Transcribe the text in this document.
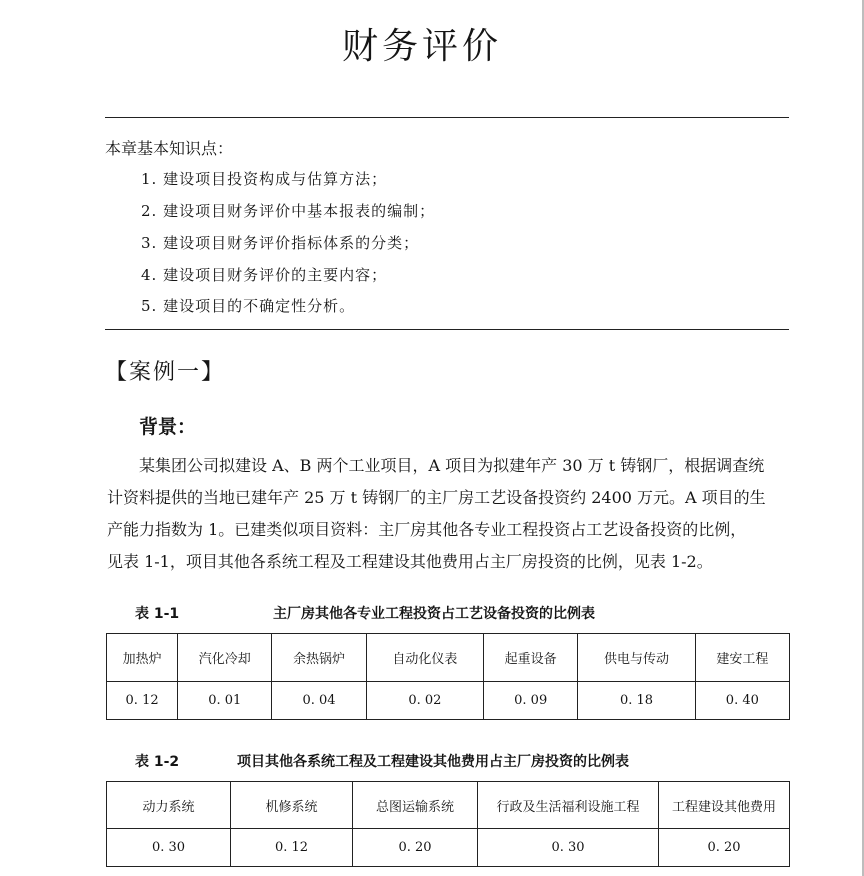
财务评价
本章基本知识点：
1. 建设项目投资构成与估算方法；
2. 建设项目财务评价中基本报表的编制；
3. 建设项目财务评价指标体系的分类；
4. 建设项目财务评价的主要内容；
5. 建设项目的不确定性分析。
【案例一】
背景：
　　某集团公司拟建设 A、B 两个工业项目，A 项目为拟建年产 30 万 t 铸钢厂，根据调查统
计资料提供的当地已建年产 25 万 t 铸钢厂的主厂房工艺设备投资约 2400 万元。A 项目的生
产能力指数为 1。已建类似项目资料：主厂房其他各专业工程投资占工艺设备投资的比例，
见表 1-1，项目其他各系统工程及工程建设其他费用占主厂房投资的比例，见表 1-2。
表 1-1	主厂房其他各专业工程投资占工艺设备投资的比例表
加热炉	汽化冷却	余热锅炉	自动化仪表	起重设备	供电与传动	建安工程
0. 12	0. 01	0. 04	0. 02	0. 09	0. 18	0. 40
表 1-2	项目其他各系统工程及工程建设其他费用占主厂房投资的比例表
动力系统	机修系统	总图运输系统	行政及生活福利设施工程	工程建设其他费用
0. 30	0. 12	0. 20	0. 30	0. 20
